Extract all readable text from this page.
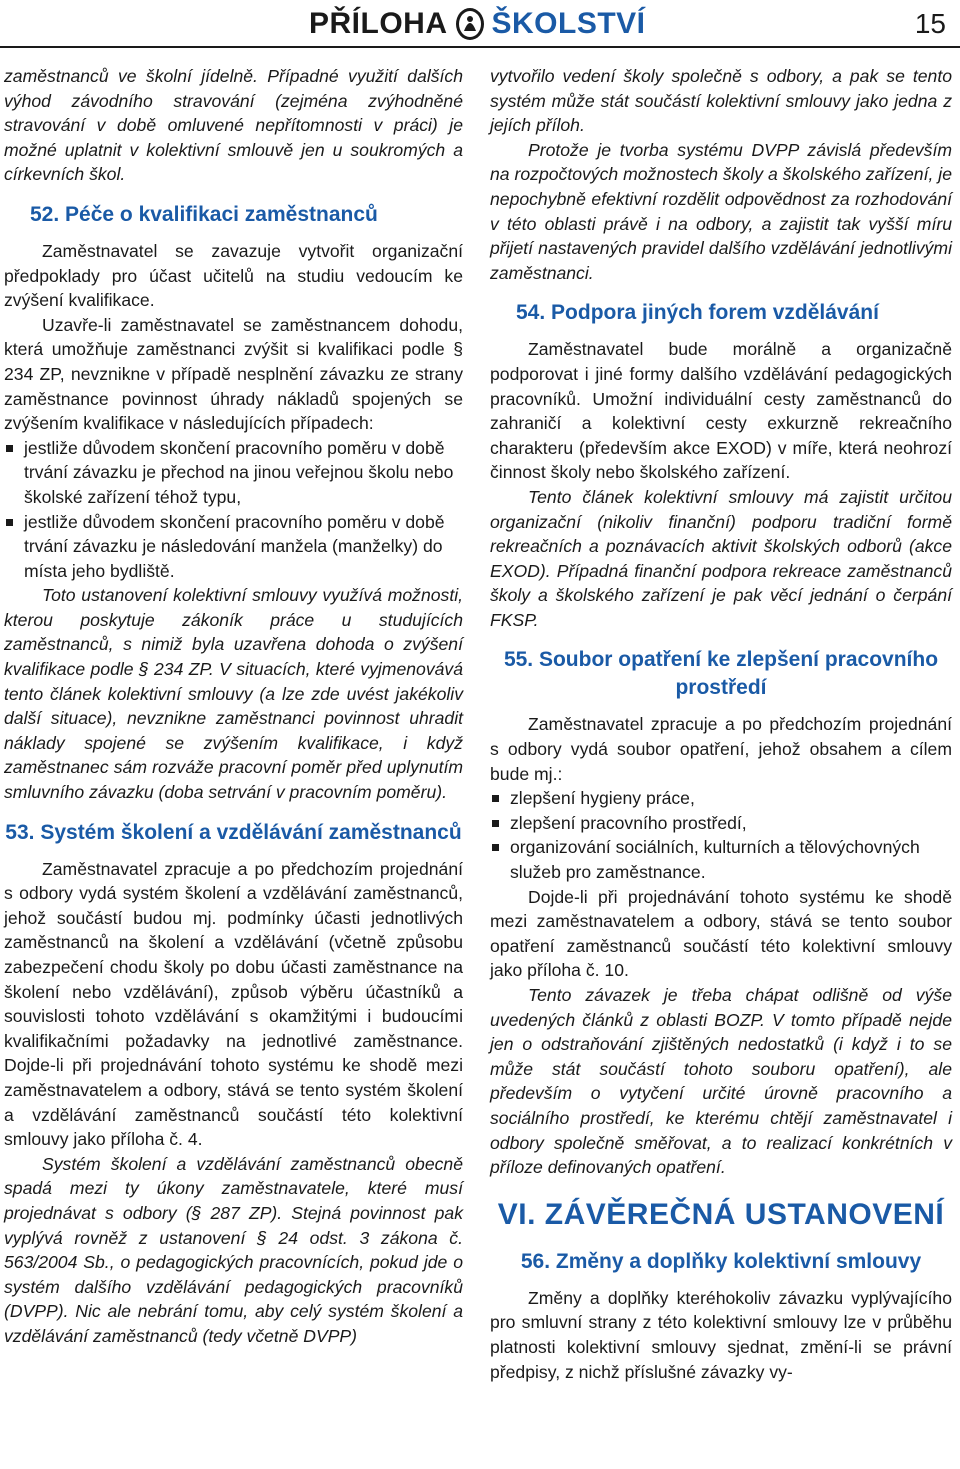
PŘÍLOHA ŠKOLSTVÍ	15

zaměstnanců ve školní jídelně. Případné využití dalších výhod závodního stravování (zejména zvýhodněné stravování v době omluvené nepřítomnosti v práci) je možné uplatnit v kolektivní smlouvě jen u soukromých a církevních škol.

52. Péče o kvalifikaci zaměstnanců

Zaměstnavatel se zavazuje vytvořit organizační předpoklady pro účast učitelů na studiu vedoucím ke zvýšení kvalifikace.

Uzavře-li zaměstnavatel se zaměstnancem dohodu, která umožňuje zaměstnanci zvýšit si kvalifikaci podle § 234 ZP, nevznikne v případě nesplnění závazku ze strany zaměstnance povinnost úhrady nákladů spojených se zvýšením kvalifikace v následujících případech:

jestliže důvodem skončení pracovního poměru v době trvání závazku je přechod na jinou veřejnou školu nebo školské zařízení téhož typu,
jestliže důvodem skončení pracovního poměru v době trvání závazku je následování manžela (manželky) do místa jeho bydliště.

Toto ustanovení kolektivní smlouvy využívá možnosti, kterou poskytuje zákoník práce u studujících zaměstnanců, s nimiž byla uzavřena dohoda o zvýšení kvalifikace podle § 234 ZP. V situacích, které vyjmenovává tento článek kolektivní smlouvy (a lze zde uvést jakékoliv další situace), nevznikne zaměstnanci povinnost uhradit náklady spojené se zvýšením kvalifikace, i když zaměstnanec sám rozváže pracovní poměr před uplynutím smluvního závazku (doba setrvání v pracovním poměru).

53. Systém školení a vzdělávání zaměstnanců

Zaměstnavatel zpracuje a po předchozím projednání s odbory vydá systém školení a vzdělávání zaměstnanců, jehož součástí budou mj. podmínky účasti jednotlivých zaměstnanců na školení a vzdělávání (včetně způsobu zabezpečení chodu školy po dobu účasti zaměstnance na školení nebo vzdělávání), způsob výběru účastníků a souvislosti tohoto vzdělávání s okamžitými i budoucími kvalifikačními požadavky na jednotlivé zaměstnance. Dojde-li při projednávání tohoto systému ke shodě mezi zaměstnavatelem a odbory, stává se tento systém školení a vzdělávání zaměstnanců součástí této kolektivní smlouvy jako příloha č. 4.

Systém školení a vzdělávání zaměstnanců obecně spadá mezi ty úkony zaměstnavatele, které musí projednávat s odbory (§ 287 ZP). Stejná povinnost pak vyplývá rovněž z ustanovení § 24 odst. 3 zákona č. 563/2004 Sb., o pedagogických pracovnících, pokud jde o systém dalšího vzdělávání pedagogických pracovníků (DVPP). Nic ale nebrání tomu, aby celý systém školení a vzdělávání zaměstnanců (tedy včetně DVPP)

vytvořilo vedení školy společně s odbory, a pak se tento systém může stát součástí kolektivní smlouvy jako jedna z jejích příloh.

Protože je tvorba systému DVPP závislá především na rozpočtových možnostech školy a školského zařízení, je nepochybně efektivní rozdělit odpovědnost za rozhodování v této oblasti právě i na odbory, a zajistit tak vyšší míru přijetí nastavených pravidel dalšího vzdělávání jednotlivými zaměstnanci.

54. Podpora jiných forem vzdělávání

Zaměstnavatel bude morálně a organizačně podporovat i jiné formy dalšího vzdělávání pedagogických pracovníků. Umožní individuální cesty zaměstnanců do zahraničí a kolektivní cesty exkurzně rekreačního charakteru (především akce EXOD) v míře, která neohrozí činnost školy nebo školského zařízení.

Tento článek kolektivní smlouvy má zajistit určitou organizační (nikoliv finanční) podporu tradiční formě rekreačních a poznávacích aktivit školských odborů (akce EXOD). Případná finanční podpora rekreace zaměstnanců školy a školského zařízení je pak věcí jednání o čerpání FKSP.

55. Soubor opatření ke zlepšení pracovního prostředí

Zaměstnavatel zpracuje a po předchozím projednání s odbory vydá soubor opatření, jehož obsahem a cílem bude mj.:

zlepšení hygieny práce,
zlepšení pracovního prostředí,
organizování sociálních, kulturních a tělovýchovných služeb pro zaměstnance.

Dojde-li při projednávání tohoto systému ke shodě mezi zaměstnavatelem a odbory, stává se tento soubor opatření zaměstnanců součástí této kolektivní smlouvy jako příloha č. 10.

Tento závazek je třeba chápat odlišně od výše uvedených článků z oblasti BOZP. V tomto případě nejde jen o odstraňování zjištěných nedostatků (i když i to se může stát součástí tohoto souboru opatření), ale především o vytyčení určité úrovně pracovního a sociálního prostředí, ke kterému chtějí zaměstnavatel i odbory společně směřovat, a to realizací konkrétních v příloze definovaných opatření.

VI. ZÁVĚREČNÁ USTANOVENÍ
56. Změny a doplňky kolektivní smlouvy

Změny a doplňky kteréhokoliv závazku vyplývajícího pro smluvní strany z této kolektivní smlouvy lze v průběhu platnosti kolektivní smlouvy sjednat, změní-li se právní předpisy, z nichž příslušné závazky vy-
